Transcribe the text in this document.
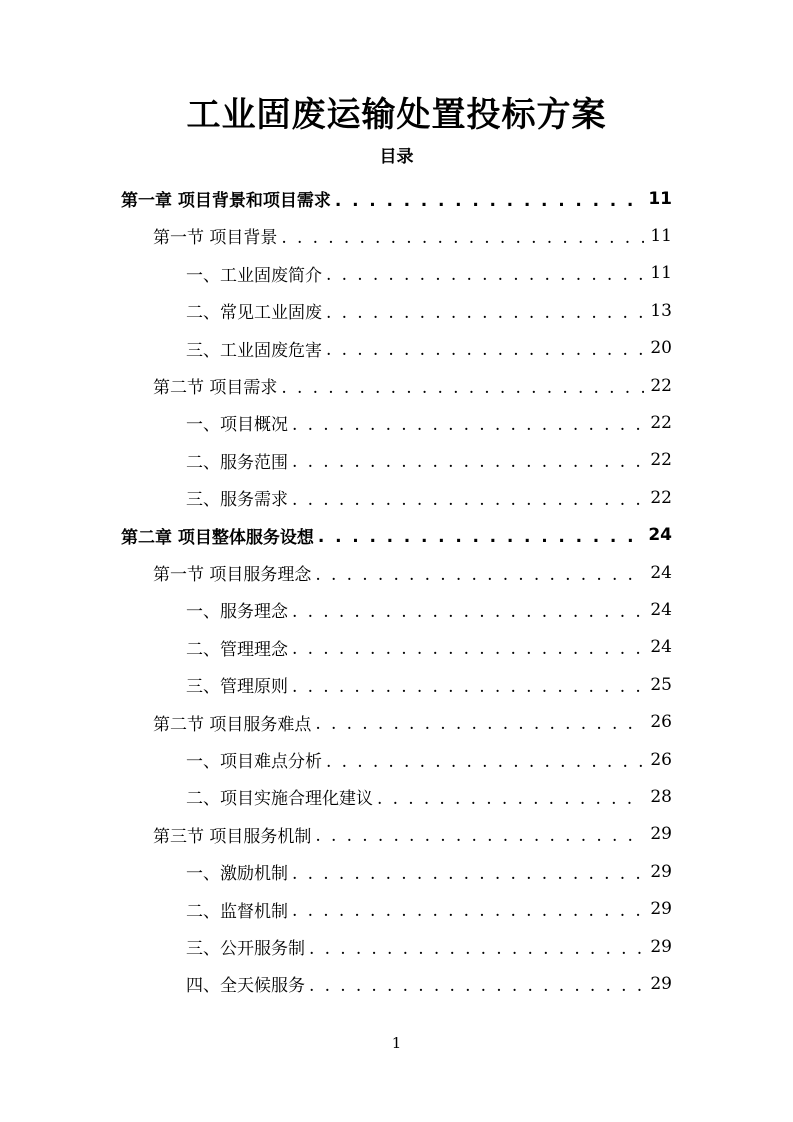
工业固废运输处置投标方案
目录
第一章 项目背景和项目需求 . . .	11
第一节 项目背景 . . .	11
一、工业固废简介 . . .	11
二、常见工业固废 . . .	13
三、工业固废危害 . . .	20
第二节 项目需求 . . .	22
一、项目概况 . . .	22
二、服务范围 . . .	22
三、服务需求 . . .	22
第二章 项目整体服务设想 . . .	24
第一节 项目服务理念 . . .	24
一、服务理念 . . .	24
二、管理理念 . . .	24
三、管理原则 . . .	25
第二节 项目服务难点 . . .	26
一、项目难点分析 . . .	26
二、项目实施合理化建议 . . .	28
第三节 项目服务机制 . . .	29
一、激励机制 . . .	29
二、监督机制 . . .	29
三、公开服务制 . . .	29
四、全天候服务 . . .	29
1
